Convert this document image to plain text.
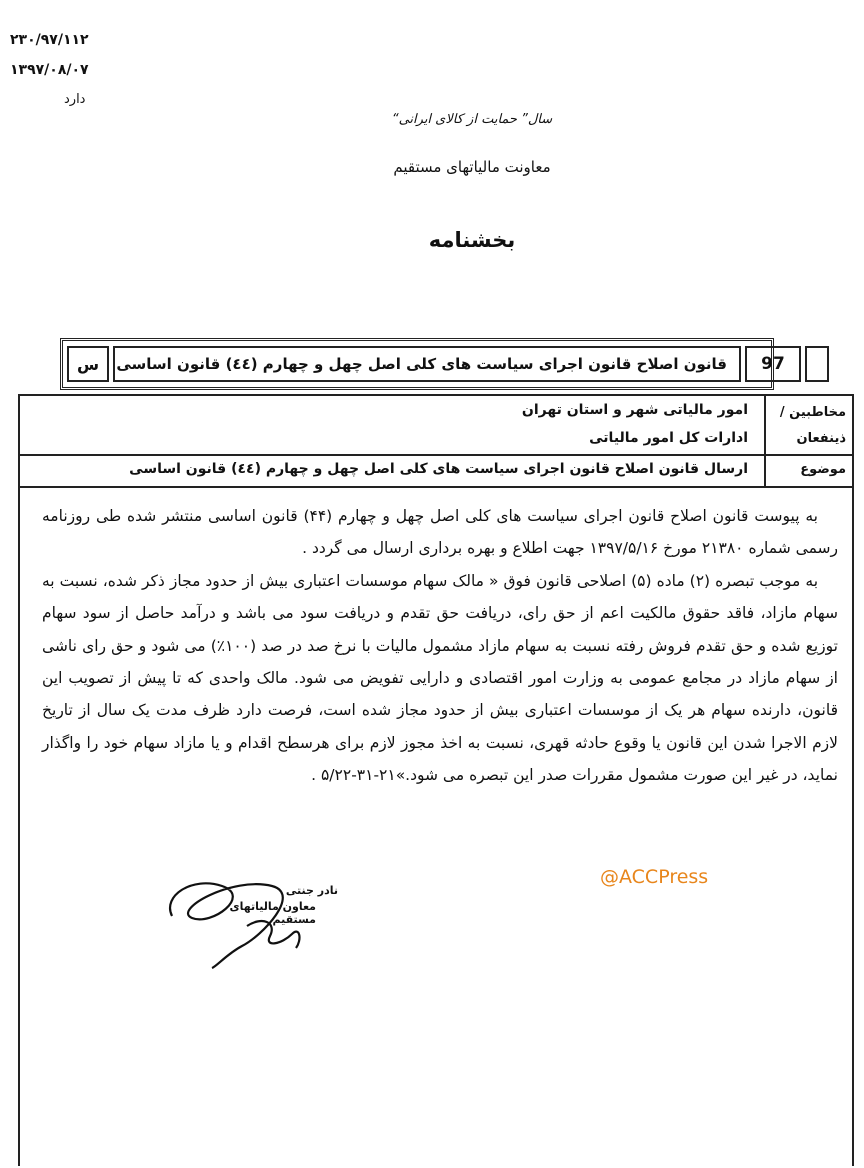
۲۳۰/۹۷/۱۱۲
۱۳۹۷/۰۸/۰۷
دارد
سال” حمایت از کالای ایرانی“
معاونت مالیاتهای مستقیم
بخشنامه
س	قانون اصلاح قانون اجرای سیاست های کلی اصل چهل و چهارم (٤٤) قانون اساسی	97
مخاطبین / ذینفعان
امور مالیاتی شهر و استان تهران
ادارات کل امور مالیاتی
موضوع
ارسال قانون اصلاح قانون اجرای سیاست های کلی اصل چهل و چهارم (٤٤) قانون اساسی

به پیوست قانون اصلاح قانون اجرای سیاست های کلی اصل چهل و چهارم (۴۴) قانون اساسی منتشر شده طی روزنامه رسمی شماره ۲۱۳۸۰ مورخ ۱۳۹۷/۵/۱۶ جهت اطلاع و بهره برداری ارسال می گردد .

به موجب تبصره (۲) ماده (۵) اصلاحی قانون فوق « مالک سهام موسسات اعتباری بیش از حدود مجاز ذکر شده، نسبت به سهام مازاد، فاقد حقوق مالکیت اعم از حق رای، دریافت حق تقدم و دریافت سود می باشد و درآمد حاصل از سود سهام توزیع شده و حق تقدم فروش رفته نسبت به سهام مازاد مشمول مالیات با نرخ صد در صد (۱۰۰٪) می شود و حق رای ناشی از سهام مازاد در مجامع عمومی به وزارت امور اقتصادی و دارایی تفویض می شود. مالک واحدی که تا پیش از تصویب این قانون، دارنده سهام هر یک از موسسات اعتباری بیش از حدود مجاز شده است، فرصت دارد ظرف مدت یک سال از تاریخ لازم الاجرا شدن این قانون یا وقوع حادثه قهری، نسبت به اخذ مجوز لازم برای هرسطح اقدام و یا مازاد سهام خود را واگذار نماید، در غیر این صورت مشمول مقررات صدر این تبصره می شود.»۲۱-۳۱-۵/۲۲ .

@ACCPress
نادر جنتی
معاون مالیاتهای مستقیم
